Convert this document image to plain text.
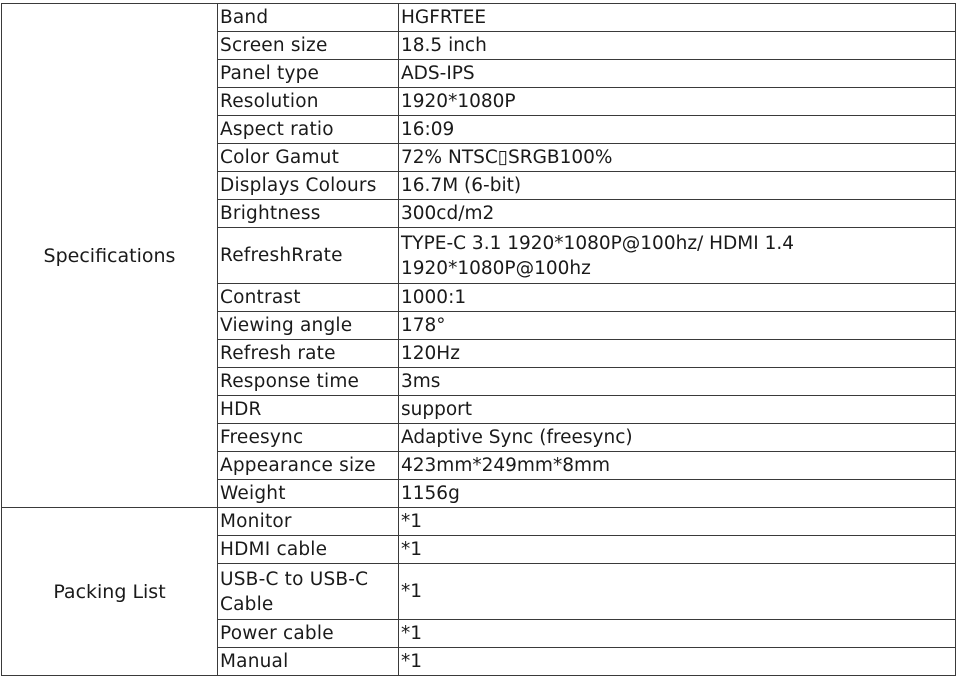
Specifications	Band	HGFRTEE
	Screen size	18.5 inch
	Panel type	ADS-IPS
	Resolution	1920*1080P
	Aspect ratio	16:09
	Color Gamut	72% NTSC▯SRGB100%
	Displays Colours	16.7M (6-bit)
	Brightness	300cd/m2
	RefreshRrate	TYPE-C 3.1 1920*1080P@100hz/ HDMI 1.4 1920*1080P@100hz
	Contrast	1000:1
	Viewing angle	178°
	Refresh rate	120Hz
	Response time	3ms
	HDR	support
	Freesync	Adaptive Sync (freesync)
	Appearance size	423mm*249mm*8mm
	Weight	1156g
Packing List	Monitor	*1
	HDMI cable	*1
	USB-C to USB-C Cable	*1
	Power cable	*1
	Manual	*1
